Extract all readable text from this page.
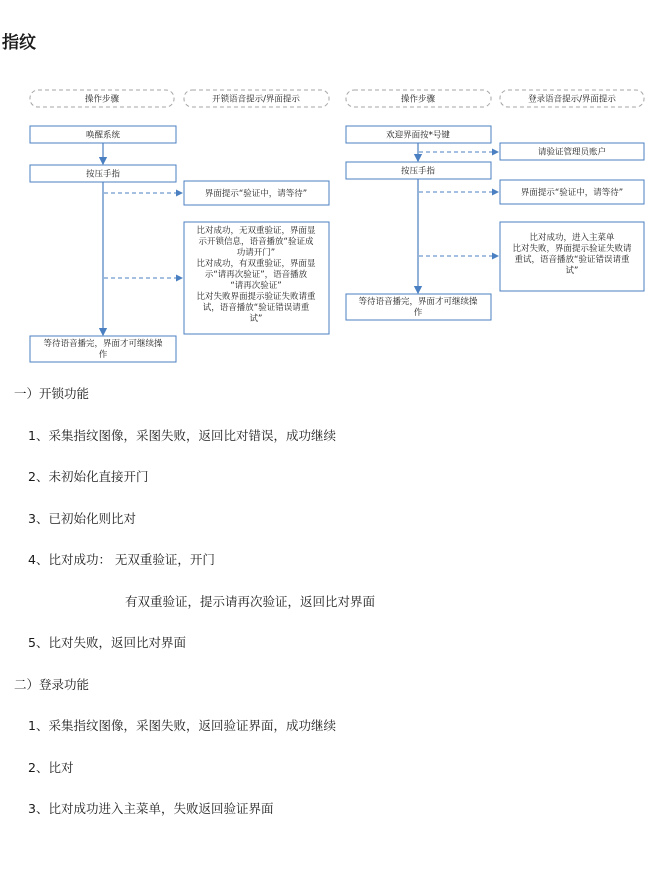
指纹
操作步骤	开锁语音提示/界面提示
唤醒系统
按压手指
等待语音播完，界面才可继续操
作
界面提示“验证中，请等待”
比对成功，无双重验证，界面显
示开锁信息，语音播放“验证成
功请开门”
比对成功，有双重验证，界面显
示“请再次验证”，语音播放
“请再次验证”
比对失败界面提示验证失败请重
试，语音播放“验证错误请重
试”
操作步骤	登录语音提示/界面提示
欢迎界面按*号键
按压手指
等待语音播完，界面才可继续操
作
请验证管理员账户
界面提示“验证中，请等待”
比对成功，进入主菜单
比对失败，界面提示验证失败请
重试，语音播放“验证错误请重
试”
一）开锁功能
1、采集指纹图像，采图失败，返回比对错误，成功继续
2、未初始化直接开门
3、已初始化则比对
4、比对成功： 无双重验证，开门
有双重验证，提示请再次验证，返回比对界面
5、比对失败，返回比对界面
二）登录功能
1、采集指纹图像，采图失败，返回验证界面，成功继续
2、比对
3、比对成功进入主菜单，失败返回验证界面
